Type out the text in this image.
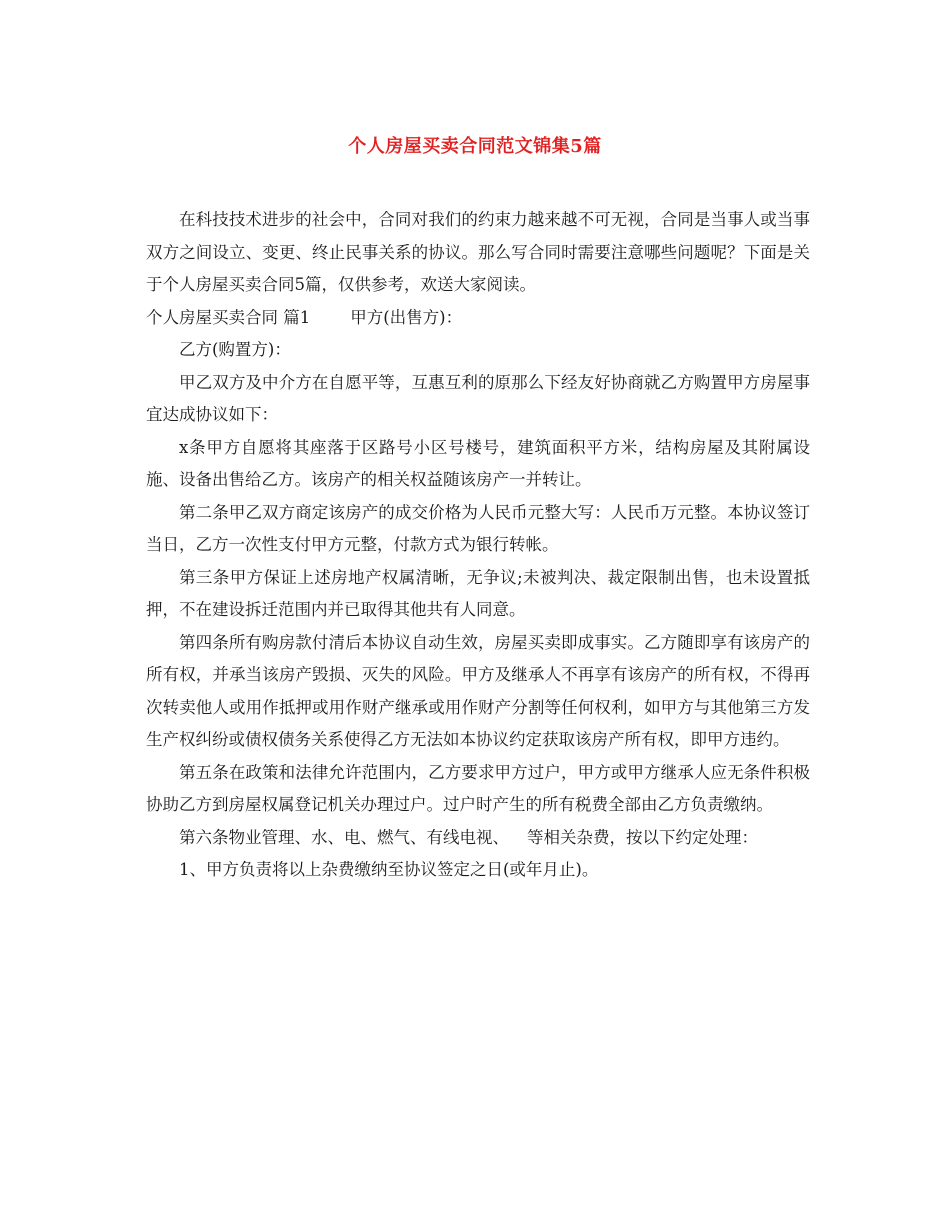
个人房屋买卖合同范文锦集5篇

在科技技术进步的社会中，合同对我们的约束力越来越不可无视，合同是当事人或当事双方之间设立、变更、终止民事关系的协议。那么写合同时需要注意哪些问题呢？下面是关于个人房屋买卖合同5篇，仅供参考，欢送大家阅读。

个人房屋买卖合同 篇1 甲方(出售方)：

乙方(购置方)：

甲乙双方及中介方在自愿平等，互惠互利的原那么下经友好协商就乙方购置甲方房屋事宜达成协议如下：

x条甲方自愿将其座落于区路号小区号楼号，建筑面积平方米，结构房屋及其附属设施、设备出售给乙方。该房产的相关权益随该房产一并转让。

第二条甲乙双方商定该房产的成交价格为人民币元整大写：人民币万元整。本协议签订当日，乙方一次性支付甲方元整，付款方式为银行转帐。

第三条甲方保证上述房地产权属清晰，无争议;未被判决、裁定限制出售，也未设置抵押，不在建设拆迁范围内并已取得其他共有人同意。

第四条所有购房款付清后本协议自动生效，房屋买卖即成事实。乙方随即享有该房产的所有权，并承当该房产毁损、灭失的风险。甲方及继承人不再享有该房产的所有权，不得再次转卖他人或用作抵押或用作财产继承或用作财产分割等任何权利，如甲方与其他第三方发生产权纠纷或债权债务关系使得乙方无法如本协议约定获取该房产所有权，即甲方违约。

第五条在政策和法律允许范围内，乙方要求甲方过户，甲方或甲方继承人应无条件积极协助乙方到房屋权属登记机关办理过户。过户时产生的所有税费全部由乙方负责缴纳。

第六条物业管理、水、电、燃气、有线电视、 等相关杂费，按以下约定处理：

1、甲方负责将以上杂费缴纳至协议签定之日(或年月止)。
